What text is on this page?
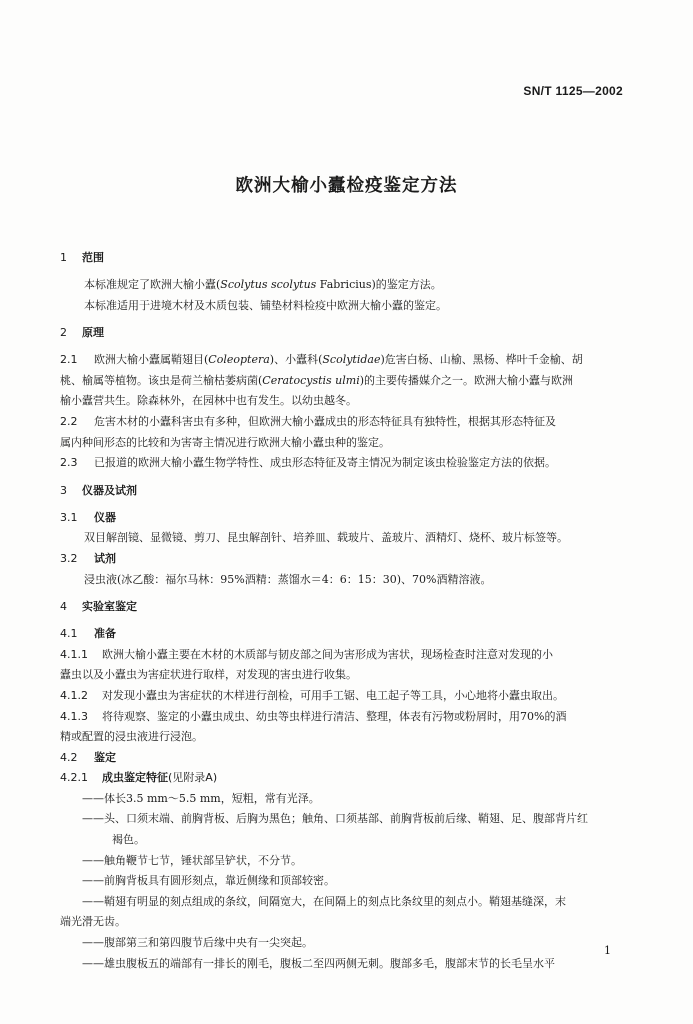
SN/T 1125—2002
欧洲大榆小蠹检疫鉴定方法
1 范围
本标准规定了欧洲大榆小蠹(Scolytus scolytus Fabricius)的鉴定方法。
本标准适用于进境木材及木质包装、铺垫材料检疫中欧洲大榆小蠹的鉴定。
2 原理
2.1 欧洲大榆小蠹属鞘翅目(Coleoptera)、小蠹科(Scolytidae)危害白杨、山榆、黑杨、桦叶千金榆、胡
桃、榆属等植物。该虫是荷兰榆枯萎病菌(Ceratocystis ulmi)的主要传播媒介之一。欧洲大榆小蠹与欧洲
榆小蠹营共生。除森林外，在园林中也有发生。以幼虫越冬。
2.2 危害木材的小蠹科害虫有多种，但欧洲大榆小蠹成虫的形态特征具有独特性，根据其形态特征及
属内种间形态的比较和为害寄主情况进行欧洲大榆小蠹虫种的鉴定。
2.3 已报道的欧洲大榆小蠹生物学特性、成虫形态特征及寄主情况为制定该虫检验鉴定方法的依据。
3 仪器及试剂
3.1 仪器
双目解剖镜、显微镜、剪刀、昆虫解剖针、培养皿、载玻片、盖玻片、酒精灯、烧杯、玻片标签等。
3.2 试剂
浸虫液(冰乙酸：福尔马林：95%酒精：蒸馏水＝4：6：15：30)、70%酒精溶液。
4 实验室鉴定
4.1 准备
4.1.1 欧洲大榆小蠹主要在木材的木质部与韧皮部之间为害形成为害状，现场检查时注意对发现的小
蠹虫以及小蠹虫为害症状进行取样，对发现的害虫进行收集。
4.1.2 对发现小蠹虫为害症状的木样进行剖检，可用手工锯、电工起子等工具，小心地将小蠹虫取出。
4.1.3 将待观察、鉴定的小蠹虫成虫、幼虫等虫样进行清洁、整理，体表有污物或粉屑时，用70%的酒
精或配置的浸虫液进行浸泡。
4.2 鉴定
4.2.1 成虫鉴定特征(见附录A)
——体长3.5 mm～5.5 mm，短粗，常有光泽。
——头、口须末端、前胸背板、后胸为黑色；触角、口须基部、前胸背板前后缘、鞘翅、足、腹部背片红
褐色。
——触角鞭节七节，锤状部呈铲状，不分节。
——前胸背板具有圆形刻点，靠近侧缘和顶部较密。
——鞘翅有明显的刻点组成的条纹，间隔宽大，在间隔上的刻点比条纹里的刻点小。鞘翅基缝深，末
端光滑无齿。
——腹部第三和第四腹节后缘中央有一尖突起。
——雄虫腹板五的端部有一排长的刚毛，腹板二至四两侧无刺。腹部多毛，腹部末节的长毛呈水平
1
